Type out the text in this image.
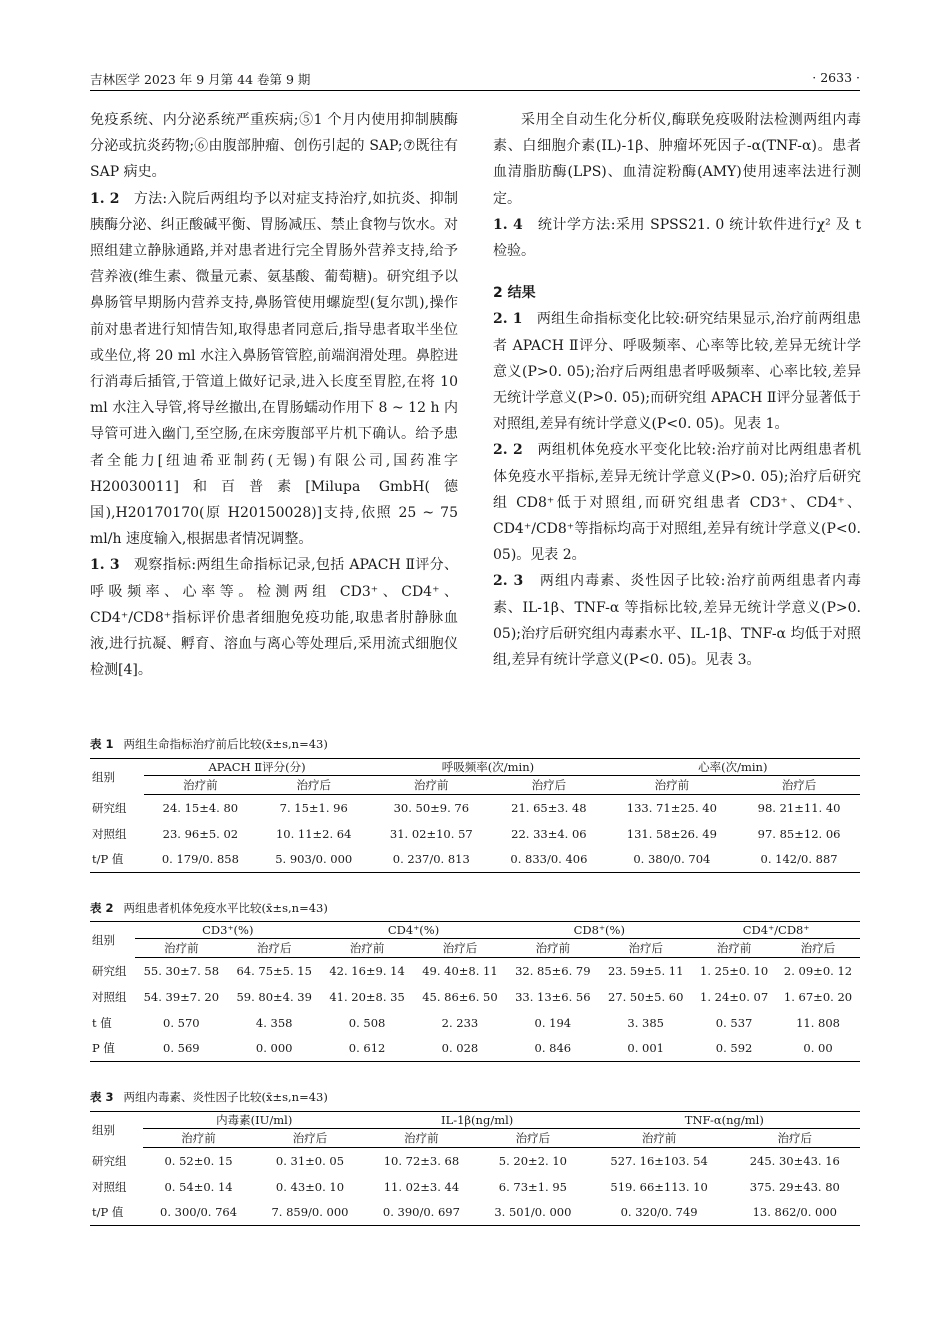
吉林医学 2023 年 9 月第 44 卷第 9 期	· 2633 ·

免疫系统、内分泌系统严重疾病;⑤1 个月内使用抑制胰酶分泌或抗炎药物;⑥由腹部肿瘤、创伤引起的 SAP;⑦既往有 SAP 病史。

1. 2 方法:入院后两组均予以对症支持治疗,如抗炎、抑制胰酶分泌、纠正酸碱平衡、胃肠减压、禁止食物与饮水。对照组建立静脉通路,并对患者进行完全胃肠外营养支持,给予营养液(维生素、微量元素、氨基酸、葡萄糖)。研究组予以鼻肠管早期肠内营养支持,鼻肠管使用螺旋型(复尔凯),操作前对患者进行知情告知,取得患者同意后,指导患者取半坐位或坐位,将 20 ml 水注入鼻肠管管腔,前端润滑处理。鼻腔进行消毒后插管,于管道上做好记录,进入长度至胃腔,在将 10 ml 水注入导管,将导丝撤出,在胃肠蠕动作用下 8 ~ 12 h 内导管可进入幽门,至空肠,在床旁腹部平片机下确认。给予患者全能力[纽迪希亚制药(无锡)有限公司,国药准字 H20030011]和百普素[Milupa GmbH(德国),H20170170(原 H20150028)]支持,依照 25 ~ 75 ml/h 速度输入,根据患者情况调整。

1. 3 观察指标:两组生命指标记录,包括 APACH Ⅱ评分、呼吸频率、心率等。检测两组 CD3⁺、CD4⁺、CD4⁺/CD8⁺指标评价患者细胞免疫功能,取患者肘静脉血液,进行抗凝、孵育、溶血与离心等处理后,采用流式细胞仪检测[4]。

采用全自动生化分析仪,酶联免疫吸附法检测两组内毒素、白细胞介素(IL)-1β、肿瘤坏死因子-α(TNF-α)。患者血清脂肪酶(LPS)、血清淀粉酶(AMY)使用速率法进行测定。

1. 4 统计学方法:采用 SPSS21. 0 统计软件进行χ² 及 t 检验。

2 结果

2. 1 两组生命指标变化比较:研究结果显示,治疗前两组患者 APACH Ⅱ评分、呼吸频率、心率等比较,差异无统计学意义(P>0. 05);治疗后两组患者呼吸频率、心率比较,差异无统计学意义(P>0. 05);而研究组 APACH Ⅱ评分显著低于对照组,差异有统计学意义(P<0. 05)。见表 1。

2. 2 两组机体免疫水平变化比较:治疗前对比两组患者机体免疫水平指标,差异无统计学意义(P>0. 05);治疗后研究组 CD8⁺低于对照组,而研究组患者 CD3⁺、CD4⁺、CD4⁺/CD8⁺等指标均高于对照组,差异有统计学意义(P<0. 05)。见表 2。

2. 3 两组内毒素、炎性因子比较:治疗前两组患者内毒素、IL-1β、TNF-α 等指标比较,差异无统计学意义(P>0. 05);治疗后研究组内毒素水平、IL-1β、TNF-α 均低于对照组,差异有统计学意义(P<0. 05)。见表 3。

表 1 两组生命指标治疗前后比较(x̄±s,n=43)
组别	APACH Ⅱ评分(分)		呼吸频率(次/min)		心率(次/min)	
	治疗前	治疗后	治疗前	治疗后	治疗前	治疗后
研究组	24. 15±4. 80	7. 15±1. 96	30. 50±9. 76	21. 65±3. 48	133. 71±25. 40	98. 21±11. 40
对照组	23. 96±5. 02	10. 11±2. 64	31. 02±10. 57	22. 33±4. 06	131. 58±26. 49	97. 85±12. 06
t/P 值	0. 179/0. 858	5. 903/0. 000	0. 237/0. 813	0. 833/0. 406	0. 380/0. 704	0. 142/0. 887
表 2 两组患者机体免疫水平比较(x̄±s,n=43)
组别	CD3⁺(%)		CD4⁺(%)		CD8⁺(%)		CD4⁺/CD8⁺	
	治疗前	治疗后	治疗前	治疗后	治疗前	治疗后	治疗前	治疗后
研究组	55. 30±7. 58	64. 75±5. 15	42. 16±9. 14	49. 40±8. 11	32. 85±6. 79	23. 59±5. 11	1. 25±0. 10	2. 09±0. 12
对照组	54. 39±7. 20	59. 80±4. 39	41. 20±8. 35	45. 86±6. 50	33. 13±6. 56	27. 50±5. 60	1. 24±0. 07	1. 67±0. 20
t 值	0. 570	4. 358	0. 508	2. 233	0. 194	3. 385	0. 537	11. 808
P 值	0. 569	0. 000	0. 612	0. 028	0. 846	0. 001	0. 592	0. 00
表 3 两组内毒素、炎性因子比较(x̄±s,n=43)
组别	内毒素(IU/ml)		IL-1β(ng/ml)		TNF-α(ng/ml)	
	治疗前	治疗后	治疗前	治疗后	治疗前	治疗后
研究组	0. 52±0. 15	0. 31±0. 05	10. 72±3. 68	5. 20±2. 10	527. 16±103. 54	245. 30±43. 16
对照组	0. 54±0. 14	0. 43±0. 10	11. 02±3. 44	6. 73±1. 95	519. 66±113. 10	375. 29±43. 80
t/P 值	0. 300/0. 764	7. 859/0. 000	0. 390/0. 697	3. 501/0. 000	0. 320/0. 749	13. 862/0. 000
